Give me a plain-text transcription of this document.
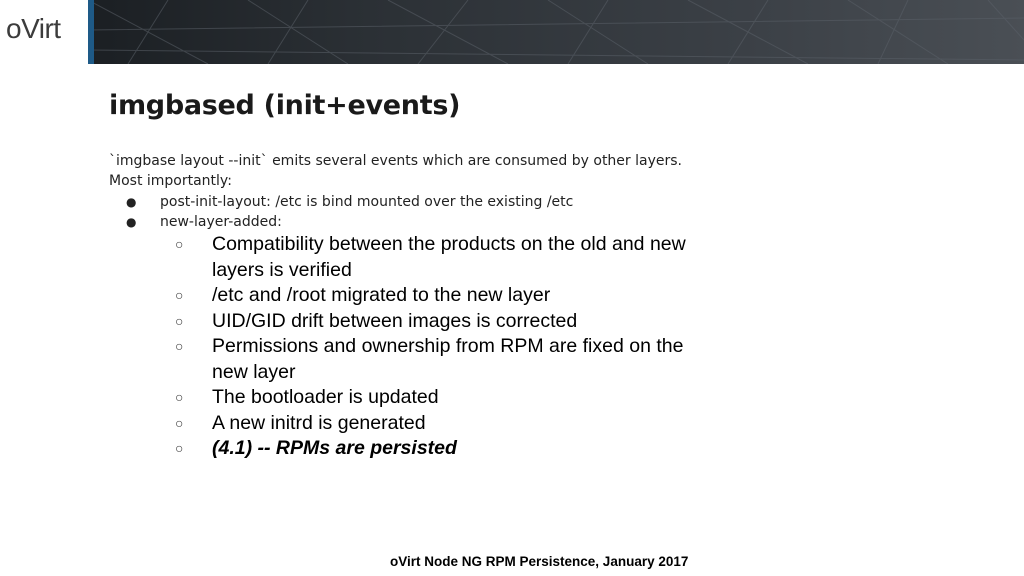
oVirt
imgbased (init+events)
`imgbase layout --init` emits several events which are consumed by other layers.
Most importantly:
● post-init-layout: /etc is bind mounted over the existing /etc
● new-layer-added:
○ Compatibility between the products on the old and new layers is verified
○ /etc and /root migrated to the new layer
○ UID/GID drift between images is corrected
○ Permissions and ownership from RPM are fixed on the new layer
○ The bootloader is updated
○ A new initrd is generated
○ (4.1) -- RPMs are persisted
oVirt Node NG RPM Persistence, January 2017
